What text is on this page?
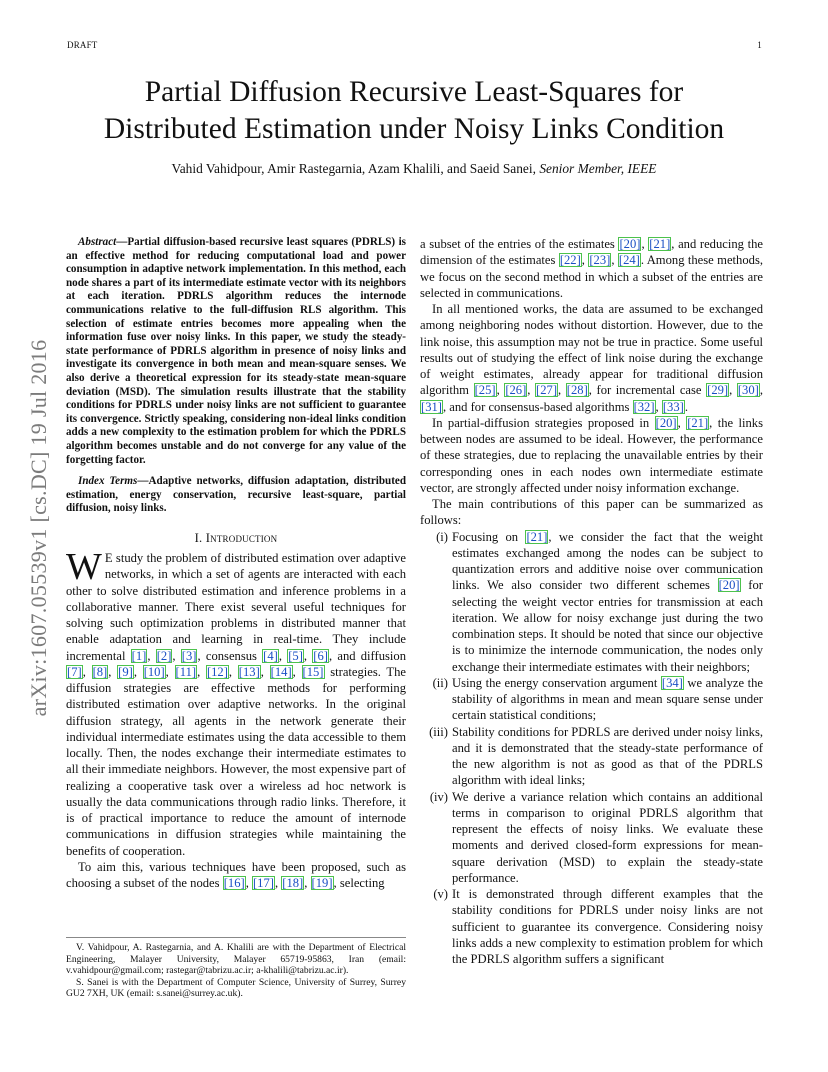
DRAFT	1
arXiv:1607.05539v1 [cs.DC] 19 Jul 2016
Partial Diffusion Recursive Least-Squares for
Distributed Estimation under Noisy Links Condition
Vahid Vahidpour, Amir Rastegarnia, Azam Khalili, and Saeid Sanei, Senior Member, IEEE

Abstract—Partial diffusion-based recursive least squares (PDRLS) is an effective method for reducing computational load and power consumption in adaptive network implementation. In this method, each node shares a part of its intermediate estimate vector with its neighbors at each iteration. PDRLS algorithm reduces the internode communications relative to the full-diffusion RLS algorithm. This selection of estimate entries becomes more appealing when the information fuse over noisy links. In this paper, we study the steady-state performance of PDRLS algorithm in presence of noisy links and investigate its convergence in both mean and mean-square senses. We also derive a theoretical expression for its steady-state mean-square deviation (MSD). The simulation results illustrate that the stability conditions for PDRLS under noisy links are not sufficient to guarantee its convergence. Strictly speaking, considering non-ideal links condition adds a new complexity to the estimation problem for which the PDRLS algorithm becomes unstable and do not converge for any value of the forgetting factor.

Index Terms—Adaptive networks, diffusion adaptation, distributed estimation, energy conservation, recursive least-square, partial diffusion, noisy links.

I. Introduction

W E study the problem of distributed estimation over adaptive networks, in which a set of agents are interacted with each other to solve distributed estimation and inference problems in a collaborative manner. There exist several useful techniques for solving such optimization problems in distributed manner that enable adaptation and learning in real-time. They include incremental [1], [2], [3], consensus [4], [5], [6], and diffusion [7], [8], [9], [10], [11], [12], [13], [14], [15] strategies. The diffusion strategies are effective methods for performing distributed estimation over adaptive networks. In the original diffusion strategy, all agents in the network generate their individual intermediate estimates using the data accessible to them locally. Then, the nodes exchange their intermediate estimates to all their immediate neighbors. However, the most expensive part of realizing a cooperative task over a wireless ad hoc network is usually the data communications through radio links. Therefore, it is of practical importance to reduce the amount of internode communications in diffusion strategies while maintaining the benefits of cooperation.

To aim this, various techniques have been proposed, such as choosing a subset of the nodes [16], [17], [18], [19], selecting

V. Vahidpour, A. Rastegarnia, and A. Khalili are with the Department of Electrical Engineering, Malayer University, Malayer 65719-95863, Iran (email: v.vahidpour@gmail.com; rastegar@tabrizu.ac.ir; a-khalili@tabrizu.ac.ir).

S. Sanei is with the Department of Computer Science, University of Surrey, Surrey GU2 7XH, UK (email: s.sanei@surrey.ac.uk).

a subset of the entries of the estimates [20], [21], and reducing the dimension of the estimates [22], [23], [24]. Among these methods, we focus on the second method in which a subset of the entries are selected in communications.

In all mentioned works, the data are assumed to be exchanged among neighboring nodes without distortion. However, due to the link noise, this assumption may not be true in practice. Some useful results out of studying the effect of link noise during the exchange of weight estimates, already appear for traditional diffusion algorithm [25], [26], [27], [28], for incremental case [29], [30], [31], and for consensus-based algorithms [32], [33].

In partial-diffusion strategies proposed in [20], [21], the links between nodes are assumed to be ideal. However, the performance of these strategies, due to replacing the unavailable entries by their corresponding ones in each nodes own intermediate estimate vector, are strongly affected under noisy information exchange.

The main contributions of this paper can be summarized as follows:

(i) Focusing on [21], we consider the fact that the weight estimates exchanged among the nodes can be subject to quantization errors and additive noise over communication links. We also consider two different schemes [20] for selecting the weight vector entries for transmission at each iteration. We allow for noisy exchange just during the two combination steps. It should be noted that since our objective is to minimize the internode communication, the nodes only exchange their intermediate estimates with their neighbors;
(ii) Using the energy conservation argument [34] we analyze the stability of algorithms in mean and mean square sense under certain statistical conditions;
(iii) Stability conditions for PDRLS are derived under noisy links, and it is demonstrated that the steady-state performance of the new algorithm is not as good as that of the PDRLS algorithm with ideal links;
(iv) We derive a variance relation which contains an additional terms in comparison to original PDRLS algorithm that represent the effects of noisy links. We evaluate these moments and derived closed-form expressions for mean-square derivation (MSD) to explain the steady-state performance.
(v) It is demonstrated through different examples that the stability conditions for PDRLS under noisy links are not sufficient to guarantee its convergence. Considering noisy links adds a new complexity to estimation problem for which the PDRLS algorithm suffers a significant
